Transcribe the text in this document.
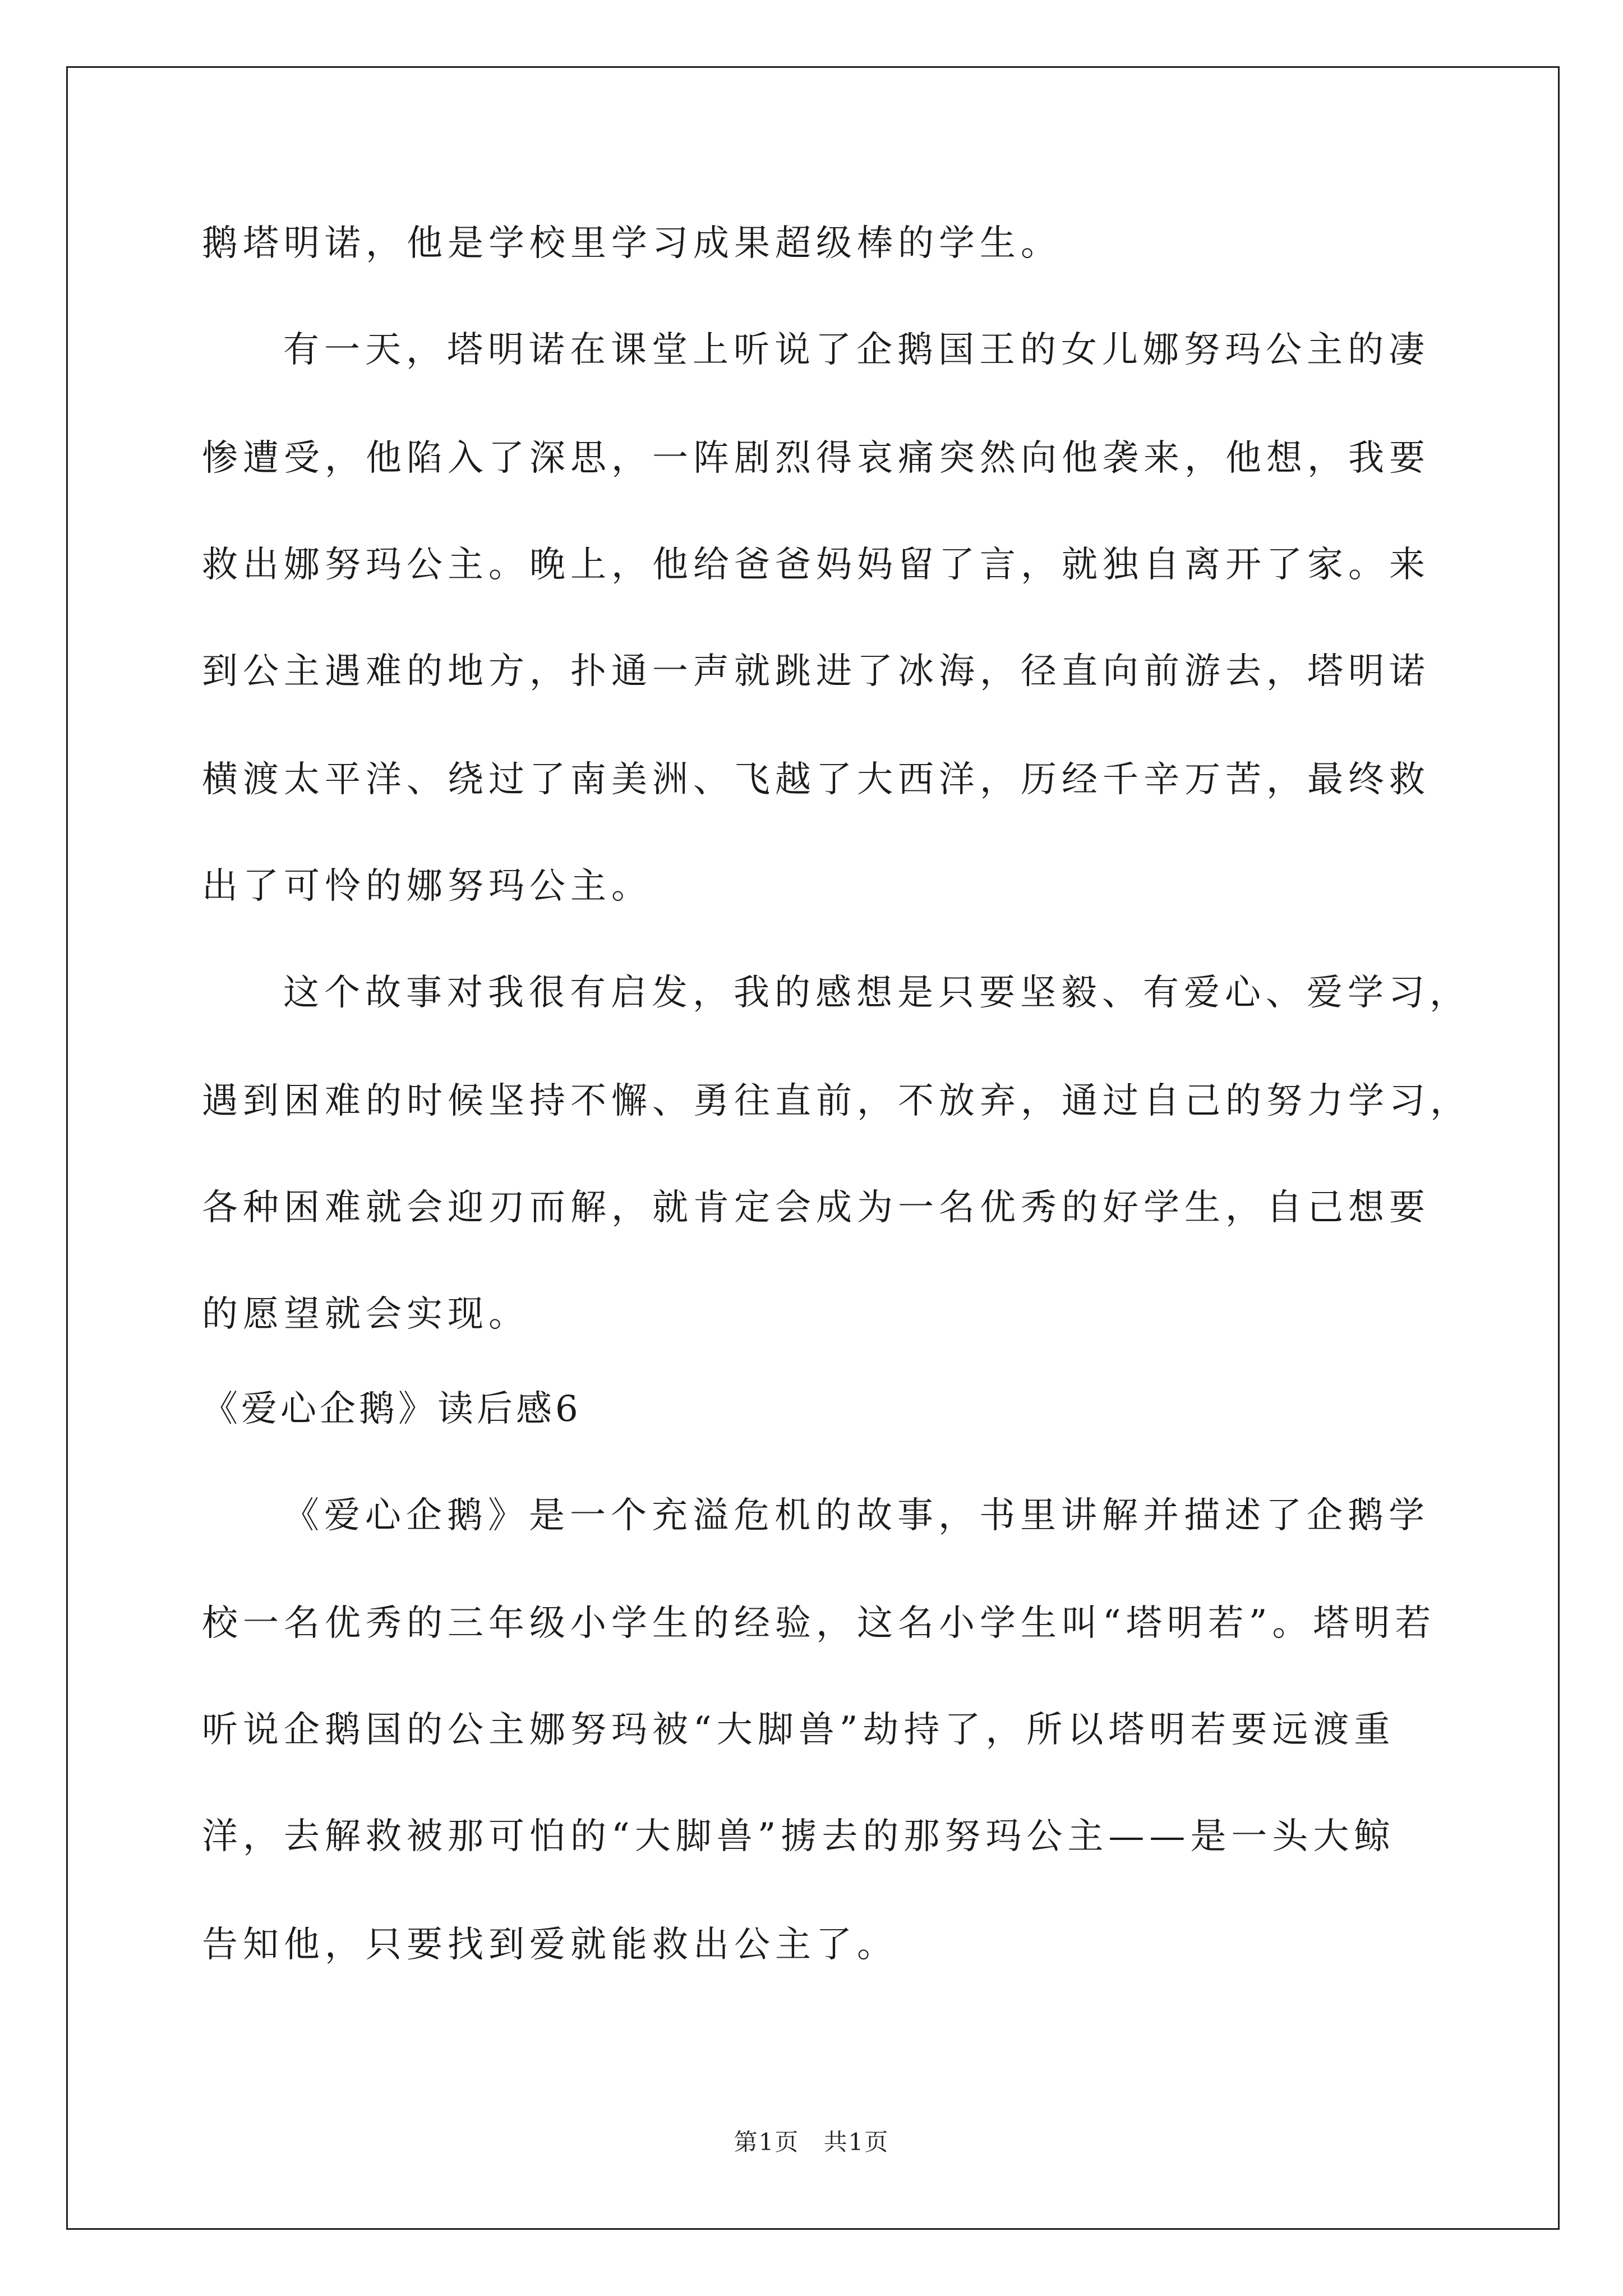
鹅塔明诺，他是学校里学习成果超级棒的学生。
有一天，塔明诺在课堂上听说了企鹅国王的女儿娜努玛公主的凄
惨遭受，他陷入了深思，一阵剧烈得哀痛突然向他袭来，他想，我要
救出娜努玛公主。晚上，他给爸爸妈妈留了言，就独自离开了家。来
到公主遇难的地方，扑通一声就跳进了冰海，径直向前游去，塔明诺
横渡太平洋、绕过了南美洲、飞越了大西洋，历经千辛万苦，最终救
出了可怜的娜努玛公主。
这个故事对我很有启发，我的感想是只要坚毅、有爱心、爱学习，
遇到困难的时候坚持不懈、勇往直前，不放弃，通过自己的努力学习，
各种困难就会迎刃而解，就肯定会成为一名优秀的好学生，自己想要
的愿望就会实现。
《爱心企鹅》读后感6
《爱心企鹅》是一个充溢危机的故事，书里讲解并描述了企鹅学
校一名优秀的三年级小学生的经验，这名小学生叫“塔明若”。塔明若
听说企鹅国的公主娜努玛被“大脚兽”劫持了，所以塔明若要远渡重
洋，去解救被那可怕的“大脚兽”掳去的那努玛公主——是一头大鲸
告知他，只要找到爱就能救出公主了。
第1页 共1页
